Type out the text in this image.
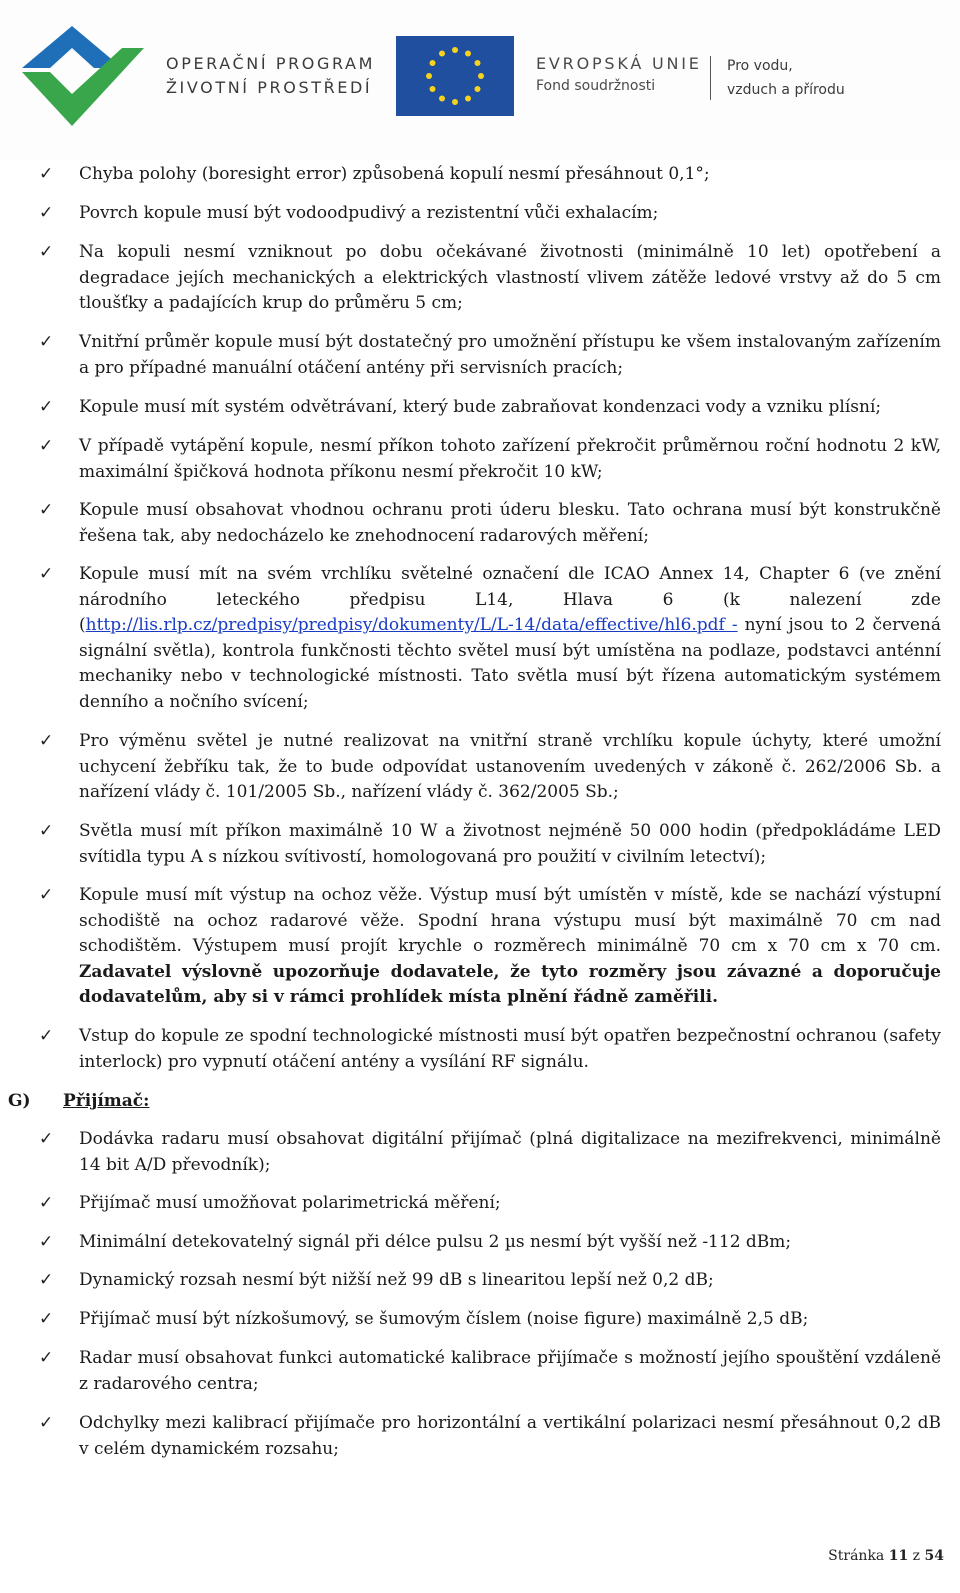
OPERAČNÍ PROGRAM
ŽIVOTNÍ PROSTŘEDÍ
EVROPSKÁ UNIE
Fond soudržnosti
Pro vodu,
vzduch a přírodu
✓ Chyba polohy (boresight error) způsobená kopulí nesmí přesáhnout 0,1°;
✓ Povrch kopule musí být vodoodpudivý a rezistentní vůči exhalacím;
✓ Na kopuli nesmí vzniknout po dobu očekávané životnosti (minimálně 10 let) opotřebení a degradace jejích mechanických a elektrických vlastností vlivem zátěže ledové vrstvy až do 5 cm tloušťky a padajících krup do průměru 5 cm;
✓ Vnitřní průměr kopule musí být dostatečný pro umožnění přístupu ke všem instalovaným zařízením a pro případné manuální otáčení antény při servisních pracích;
✓ Kopule musí mít systém odvětrávaní, který bude zabraňovat kondenzaci vody a vzniku plísní;
✓ V případě vytápění kopule, nesmí příkon tohoto zařízení překročit průměrnou roční hodnotu 2 kW, maximální špičková hodnota příkonu nesmí překročit 10 kW;
✓ Kopule musí obsahovat vhodnou ochranu proti úderu blesku. Tato ochrana musí být konstrukčně řešena tak, aby nedocházelo ke znehodnocení radarových měření;
✓ Kopule musí mít na svém vrchlíku světelné označení dle ICAO Annex 14, Chapter 6 (ve znění národního leteckého předpisu L14, Hlava 6 (k nalezení zde (http://lis.rlp.cz/predpisy/predpisy/dokumenty/L/L-14/data/effective/hl6.pdf - nyní jsou to 2 červená signální světla), kontrola funkčnosti těchto světel musí být umístěna na podlaze, podstavci anténní mechaniky nebo v technologické místnosti. Tato světla musí být řízena automatickým systémem denního a nočního svícení;
✓ Pro výměnu světel je nutné realizovat na vnitřní straně vrchlíku kopule úchyty, které umožní uchycení žebříku tak, že to bude odpovídat ustanovením uvedených v zákoně č. 262/2006 Sb. a nařízení vlády č. 101/2005 Sb., nařízení vlády č. 362/2005 Sb.;
✓ Světla musí mít příkon maximálně 10 W a životnost nejméně 50 000 hodin (předpokládáme LED svítidla typu A s nízkou svítivostí, homologovaná pro použití v civilním letectví);
✓ Kopule musí mít výstup na ochoz věže. Výstup musí být umístěn v místě, kde se nachází výstupní schodiště na ochoz radarové věže. Spodní hrana výstupu musí být maximálně 70 cm nad schodištěm. Výstupem musí projít krychle o rozměrech minimálně 70 cm x 70 cm x 70 cm. Zadavatel výslovně upozorňuje dodavatele, že tyto rozměry jsou závazné a doporučuje dodavatelům, aby si v rámci prohlídek místa plnění řádně zaměřili.
✓ Vstup do kopule ze spodní technologické místnosti musí být opatřen bezpečnostní ochranou (safety interlock) pro vypnutí otáčení antény a vysílání RF signálu.
G) Přijímač:
✓ Dodávka radaru musí obsahovat digitální přijímač (plná digitalizace na mezifrekvenci, minimálně 14 bit A/D převodník);
✓ Přijímač musí umožňovat polarimetrická měření;
✓ Minimální detekovatelný signál při délce pulsu 2 µs nesmí být vyšší než -112 dBm;
✓ Dynamický rozsah nesmí být nižší než 99 dB s linearitou lepší než 0,2 dB;
✓ Přijímač musí být nízkošumový, se šumovým číslem (noise figure) maximálně 2,5 dB;
✓ Radar musí obsahovat funkci automatické kalibrace přijímače s možností jejího spouštění vzdáleně z radarového centra;
✓ Odchylky mezi kalibrací přijímače pro horizontální a vertikální polarizaci nesmí přesáhnout 0,2 dB v celém dynamickém rozsahu;
Stránka 11 z 54
